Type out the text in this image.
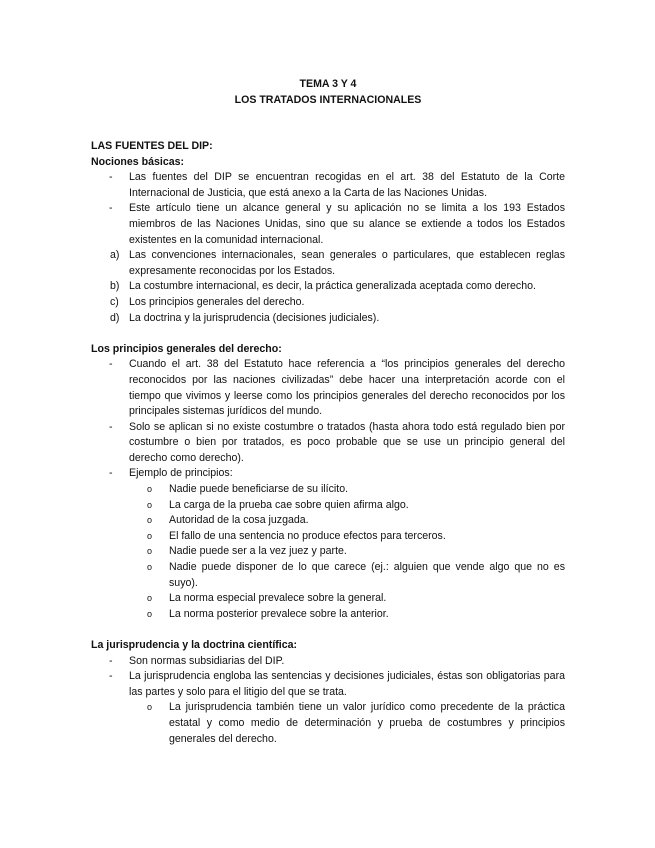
TEMA 3 Y 4
LOS TRATADOS INTERNACIONALES
LAS FUENTES DEL DIP:
Nociones básicas:
- Las fuentes del DIP se encuentran recogidas en el art. 38 del Estatuto de la Corte Internacional de Justicia, que está anexo a la Carta de las Naciones Unidas.
- Este artículo tiene un alcance general y su aplicación no se limita a los 193 Estados miembros de las Naciones Unidas, sino que su alance se extiende a todos los Estados existentes en la comunidad internacional.
a) Las convenciones internacionales, sean generales o particulares, que establecen reglas expresamente reconocidas por los Estados.
b) La costumbre internacional, es decir, la práctica generalizada aceptada como derecho.
c) Los principios generales del derecho.
d) La doctrina y la jurisprudencia (decisiones judiciales).
Los principios generales del derecho:
- Cuando el art. 38 del Estatuto hace referencia a “los principios generales del derecho reconocidos por las naciones civilizadas” debe hacer una interpretación acorde con el tiempo que vivimos y leerse como los principios generales del derecho reconocidos por los principales sistemas jurídicos del mundo.
- Solo se aplican si no existe costumbre o tratados (hasta ahora todo está regulado bien por costumbre o bien por tratados, es poco probable que se use un principio general del derecho como derecho).
- Ejemplo de principios:
o Nadie puede beneficiarse de su ilícito.
o La carga de la prueba cae sobre quien afirma algo.
o Autoridad de la cosa juzgada.
o El fallo de una sentencia no produce efectos para terceros.
o Nadie puede ser a la vez juez y parte.
o Nadie puede disponer de lo que carece (ej.: alguien que vende algo que no es suyo).
o La norma especial prevalece sobre la general.
o La norma posterior prevalece sobre la anterior.
La jurisprudencia y la doctrina científica:
- Son normas subsidiarias del DIP.
- La jurisprudencia engloba las sentencias y decisiones judiciales, éstas son obligatorias para las partes y solo para el litigio del que se trata.
o La jurisprudencia también tiene un valor jurídico como precedente de la práctica estatal y como medio de determinación y prueba de costumbres y principios generales del derecho.
